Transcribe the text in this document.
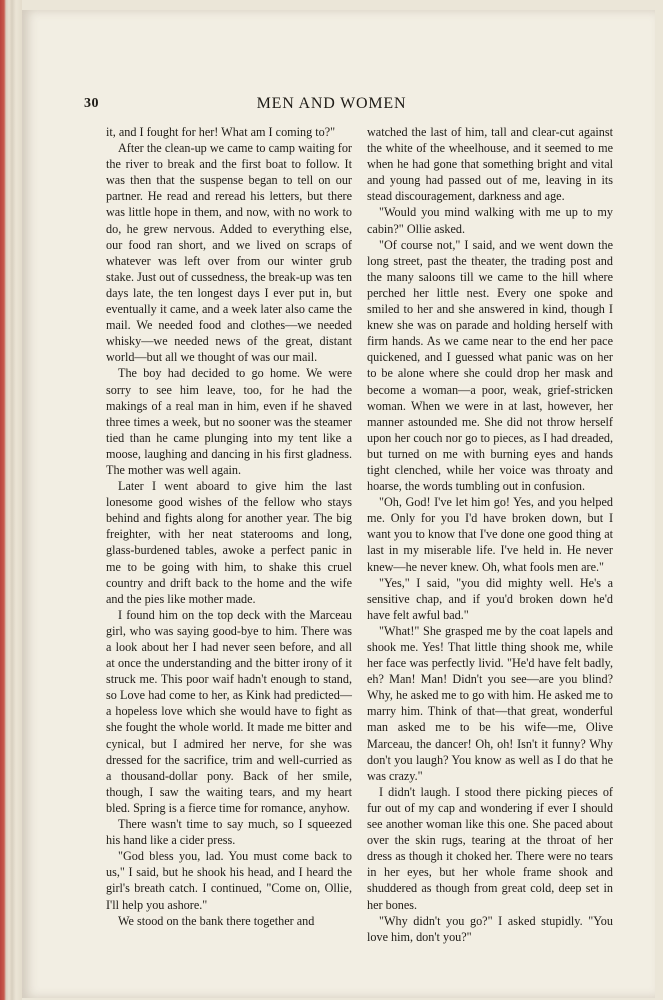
30	MEN AND WOMEN

it, and I fought for her! What am I coming to?"

After the clean-up we came to camp waiting for the river to break and the first boat to follow. It was then that the suspense began to tell on our partner. He read and reread his letters, but there was little hope in them, and now, with no work to do, he grew nervous. Added to everything else, our food ran short, and we lived on scraps of whatever was left over from our winter grub stake. Just out of cussedness, the break-up was ten days late, the ten longest days I ever put in, but eventually it came, and a week later also came the mail. We needed food and clothes—we needed whisky—we needed news of the great, distant world—but all we thought of was our mail.

The boy had decided to go home. We were sorry to see him leave, too, for he had the makings of a real man in him, even if he shaved three times a week, but no sooner was the steamer tied than he came plunging into my tent like a moose, laughing and dancing in his first gladness. The mother was well again.

Later I went aboard to give him the last lonesome good wishes of the fellow who stays behind and fights along for another year. The big freighter, with her neat staterooms and long, glass-burdened tables, awoke a perfect panic in me to be going with him, to shake this cruel country and drift back to the home and the wife and the pies like mother made.

I found him on the top deck with the Marceau girl, who was saying good-bye to him. There was a look about her I had never seen before, and all at once the understanding and the bitter irony of it struck me. This poor waif hadn't enough to stand, so Love had come to her, as Kink had predicted—a hopeless love which she would have to fight as she fought the whole world. It made me bitter and cynical, but I admired her nerve, for she was dressed for the sacrifice, trim and well-curried as a thousand-dollar pony. Back of her smile, though, I saw the waiting tears, and my heart bled. Spring is a fierce time for romance, anyhow.

There wasn't time to say much, so I squeezed his hand like a cider press.

"God bless you, lad. You must come back to us," I said, but he shook his head, and I heard the girl's breath catch. I continued, "Come on, Ollie, I'll help you ashore."

We stood on the bank there together and

watched the last of him, tall and clear-cut against the white of the wheelhouse, and it seemed to me when he had gone that something bright and vital and young had passed out of me, leaving in its stead discouragement, darkness and age.

"Would you mind walking with me up to my cabin?" Ollie asked.

"Of course not," I said, and we went down the long street, past the theater, the trading post and the many saloons till we came to the hill where perched her little nest. Every one spoke and smiled to her and she answered in kind, though I knew she was on parade and holding herself with firm hands. As we came near to the end her pace quickened, and I guessed what panic was on her to be alone where she could drop her mask and become a woman—a poor, weak, grief-stricken woman. When we were in at last, however, her manner astounded me. She did not throw herself upon her couch nor go to pieces, as I had dreaded, but turned on me with burning eyes and hands tight clenched, while her voice was throaty and hoarse, the words tumbling out in confusion.

"Oh, God! I've let him go! Yes, and you helped me. Only for you I'd have broken down, but I want you to know that I've done one good thing at last in my miserable life. I've held in. He never knew—he never knew. Oh, what fools men are."

"Yes," I said, "you did mighty well. He's a sensitive chap, and if you'd broken down he'd have felt awful bad."

"What!" She grasped me by the coat lapels and shook me. Yes! That little thing shook me, while her face was perfectly livid. "He'd have felt badly, eh? Man! Man! Didn't you see—are you blind? Why, he asked me to go with him. He asked me to marry him. Think of that—that great, wonderful man asked me to be his wife—me, Olive Marceau, the dancer! Oh, oh! Isn't it funny? Why don't you laugh? You know as well as I do that he was crazy."

I didn't laugh. I stood there picking pieces of fur out of my cap and wondering if ever I should see another woman like this one. She paced about over the skin rugs, tearing at the throat of her dress as though it choked her. There were no tears in her eyes, but her whole frame shook and shuddered as though from great cold, deep set in her bones.

"Why didn't you go?" I asked stupidly. "You love him, don't you?"
